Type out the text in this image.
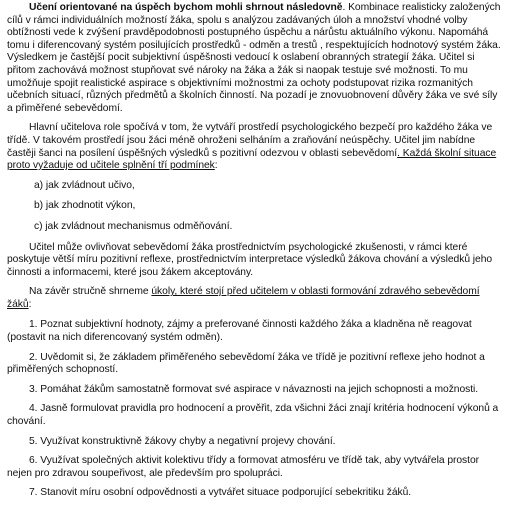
Učení orientované na úspěch bychom mohli shrnout následovně. Kombinace realisticky založených cílů v rámci individuálních možností žáka, spolu s analýzou zadávaných úloh a množství vhodné volby obtížnosti vede k zvýšení pravděpodobnosti postupného úspěchu a nárůstu aktuálního výkonu. Napomáhá tomu i diferencovaný systém posilujících prostředků - odměn a trestů , respektujících hodnotový systém žáka. Výsledkem je častější pocit subjektivní úspěšnosti vedoucí k oslabení obranných strategií žáka. Učitel si přitom zachovává možnost stupňovat své nároky na žáka a žák si naopak testuje své možnosti. To mu umožňuje spojit realistické aspirace s objektivními možnostmi za ochoty podstupovat rizika rozmanitých učebních situací, různých předmětů a školních činností. Na pozadí je znovuobnovení důvěry žáka ve své síly a přiměřené sebevědomí.

Hlavní učitelova role spočívá v tom, že vytváří prostředí psychologického bezpečí pro každého žáka ve třídě. V takovém prostředí jsou žáci méně ohroženi selháním a zraňování neúspěchy. Učitel jim nabídne častěji šanci na posílení úspěšných výsledků s pozitivní odezvou v oblasti sebevědomí. Každá školní situace proto vyžaduje od učitele splnění tří podmínek:

a) jak zvládnout učivo,
b) jak zhodnotit výkon,
c) jak zvládnout mechanismus odměňování.

Učitel může ovlivňovat sebevědomí žáka prostřednictvím psychologické zkušenosti, v rámci které poskytuje větší míru pozitivní reflexe, prostřednictvím interpretace výsledků žákova chování a výsledků jeho činnosti a informacemi, které jsou žákem akceptovány.

Na závěr stručně shrneme úkoly, které stojí před učitelem v oblasti formování zdravého sebevědomí žáků:

1. Poznat subjektivní hodnoty, zájmy a preferované činnosti každého žáka a kladněna ně reagovat (postavit na nich diferencovaný systém odměn).

2. Uvědomit si, že základem přiměřeného sebevědomí žáka ve třídě je pozitivní reflexe jeho hodnot a přiměřených schopností.

3. Pomáhat žákům samostatně formovat své aspirace v návaznosti na jejich schopnosti a možnosti.

4. Jasně formulovat pravidla pro hodnocení a prověřit, zda všichni žáci znají kritéria hodnocení výkonů a chování.

5. Využívat konstruktivně žákovy chyby a negativní projevy chování.

6. Využívat společných aktivit kolektivu třídy a formovat atmosféru ve třídě tak, aby vytvářela prostor nejen pro zdravou soupeřivost, ale především pro spolupráci.

7. Stanovit míru osobní odpovědnosti a vytvářet situace podporující sebekritiku žáků.
